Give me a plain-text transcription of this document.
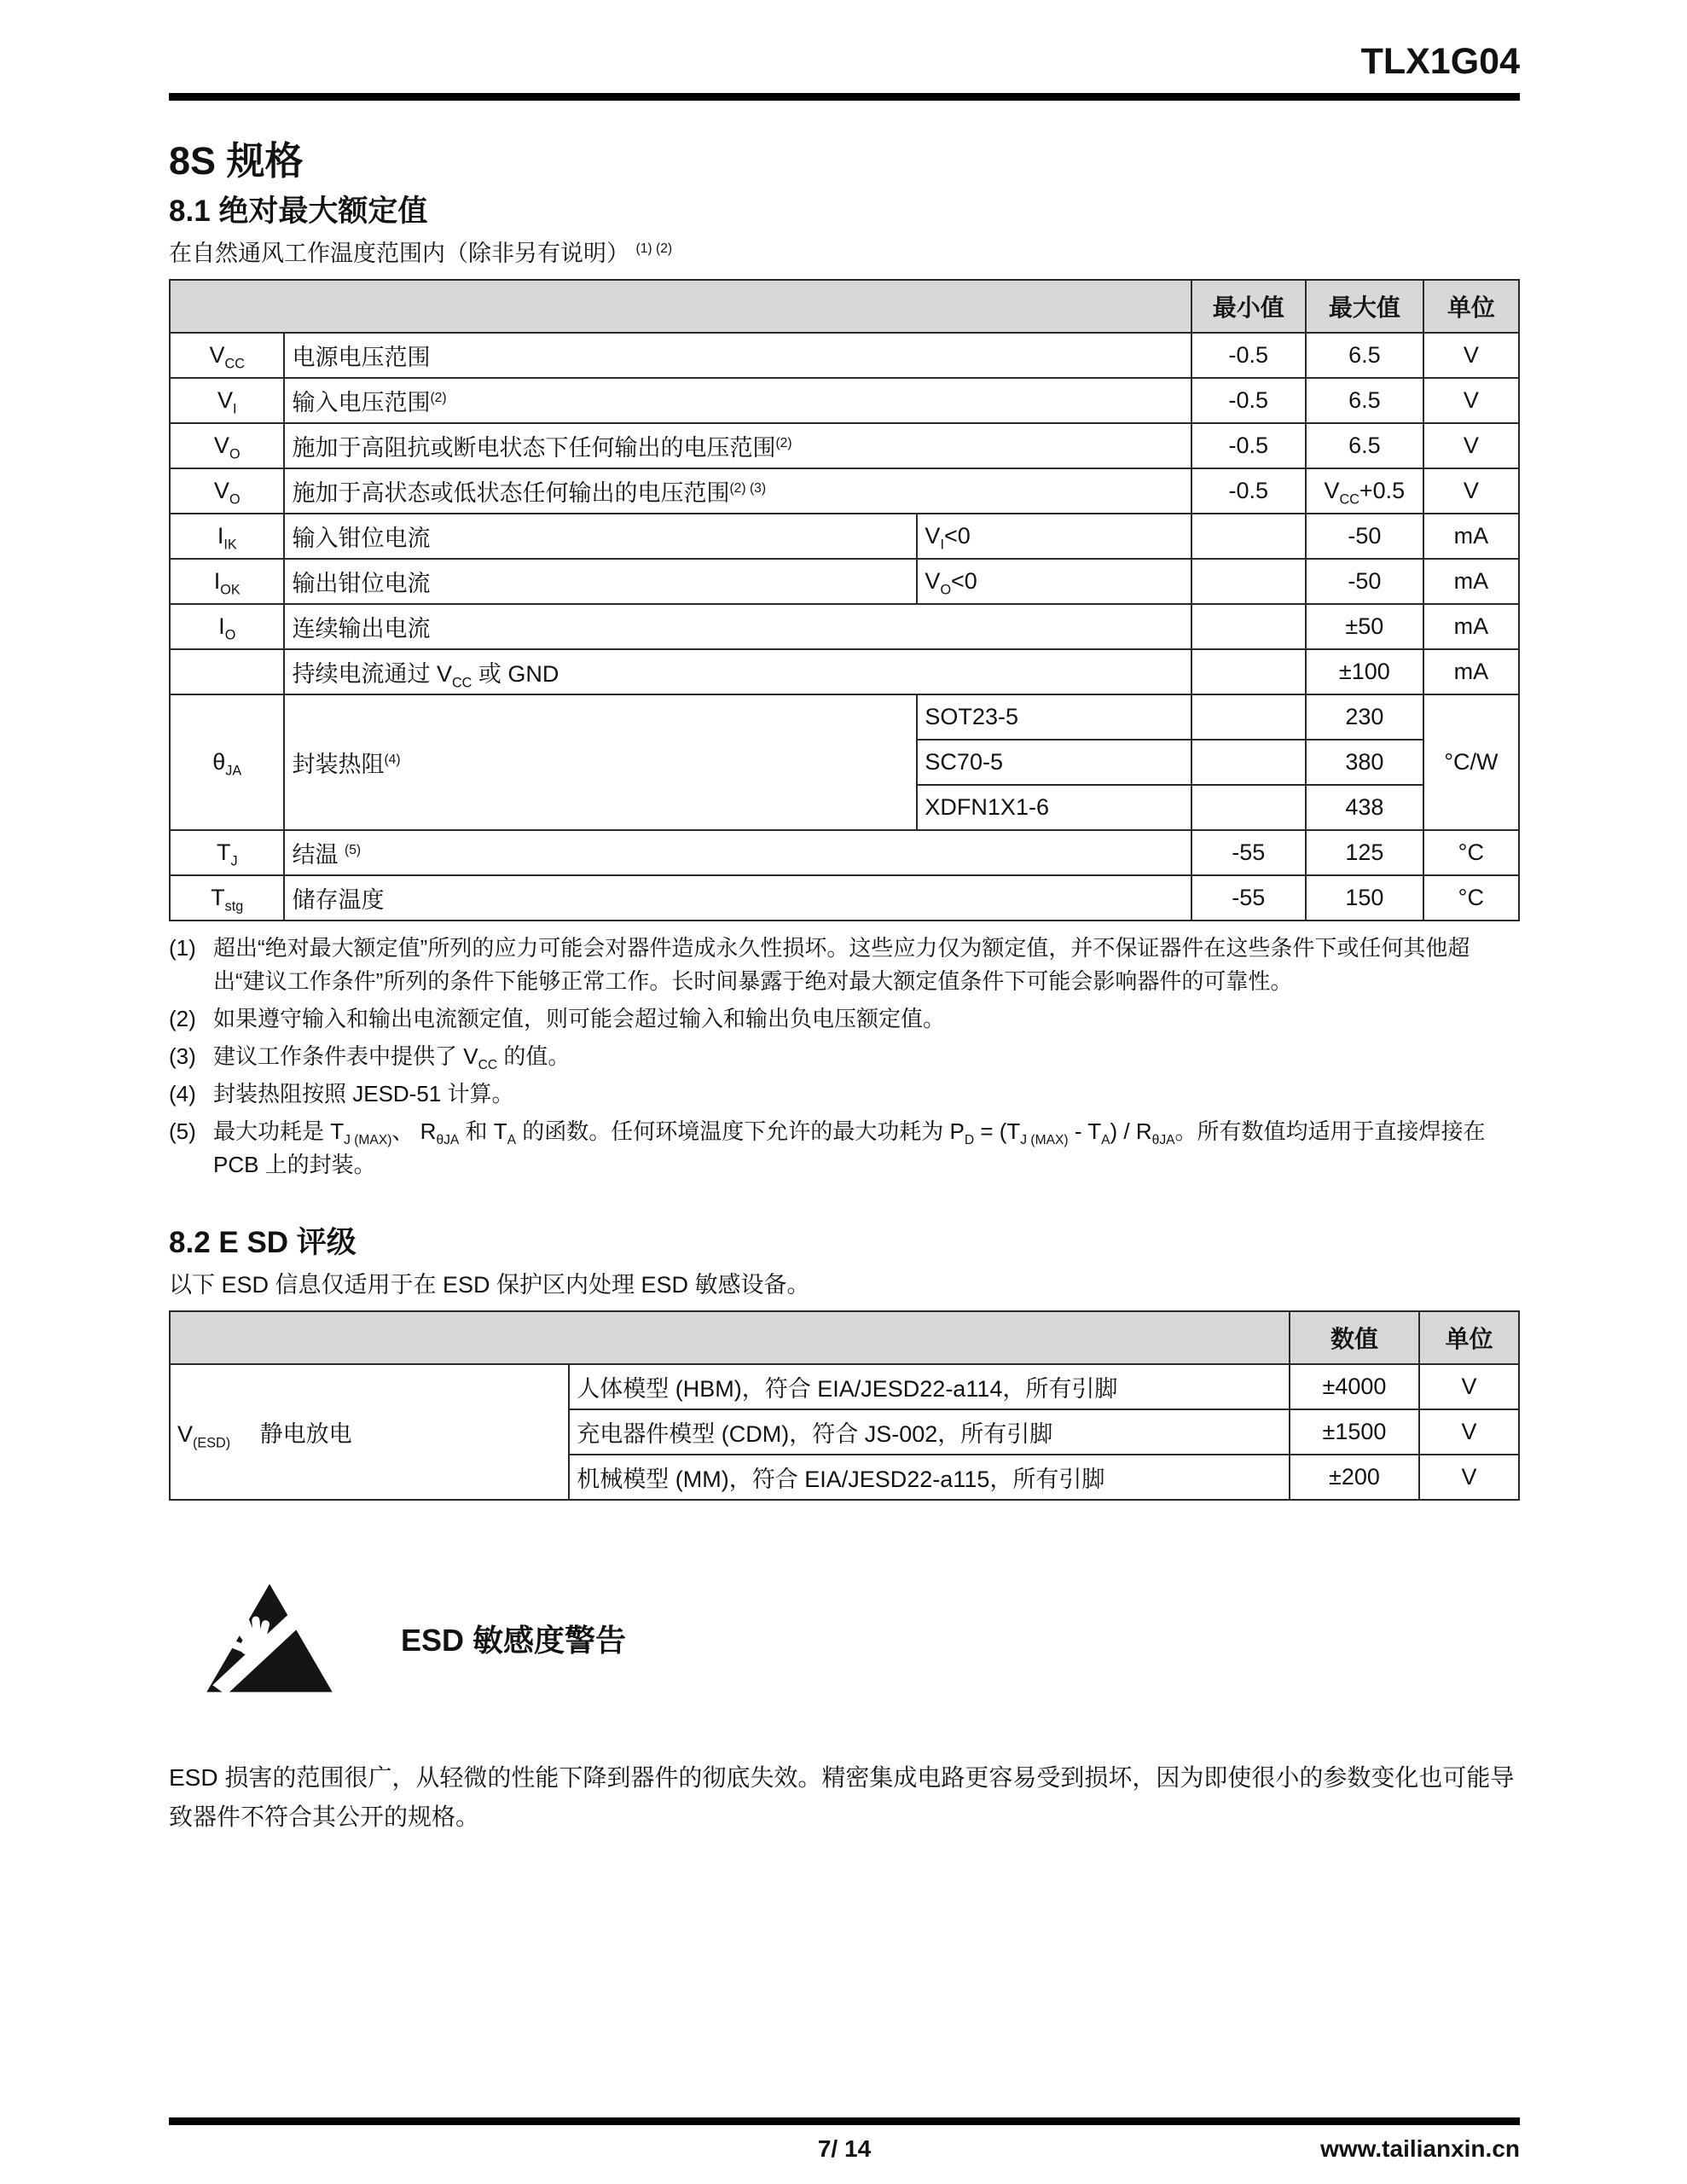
TLX1G04
8S 规格
8.1 绝对最大额定值
在自然通风工作温度范围内（除非另有说明） $^{(1) (2)}$
			最小值	最大值	单位
$V_{CC}$	电源电压范围		-0.5	6.5	V
$V_I$	输入电压范围$^{(2)}$		-0.5	6.5	V
$V_O$	施加于高阻抗或断电状态下任何输出的电压范围$^{(2)}$		-0.5	6.5	V
$V_O$	施加于高状态或低状态任何输出的电压范围$^{(2) (3)}$		-0.5	$V_{CC}+0.5$	V
$I_{IK}$	输入钳位电流	$V_I<0$		-50	mA
$I_{OK}$	输出钳位电流	$V_O<0$		-50	mA
$I_O$	连续输出电流			±50	mA
	持续电流通过 $V_{CC}$ 或 GND			±100	mA
$\theta_{JA}$	封装热阻$^{(4)}$	SOT23-5		230	°C/W
		SC70-5		380	
		XDFN1X1-6		438	
$T_J$	结温 $^{(5)}$		-55	125	°C
$T_{stg}$	储存温度		-55	150	°C
(1) 超出“绝对最大额定值”所列的应力可能会对器件造成永久性损坏。这些应力仅为额定值，并不保证器件在这些条件下或任何其他超出“建议工作条件”所列的条件下能够正常工作。长时间暴露于绝对最大额定值条件下可能会影响器件的可靠性。
(2) 如果遵守输入和输出电流额定值，则可能会超过输入和输出负电压额定值。
(3) 建议工作条件表中提供了 $V_{CC}$ 的值。
(4) 封装热阻按照 JESD-51 计算。
(5) 最大功耗是 $T_{J (MAX)}$、 $R_{\theta JA}$ 和 $T_A$ 的函数。任何环境温度下允许的最大功耗为 $P_D = (T_{J (MAX)} - T_A) / R_{\theta JA}$。所有数值均适用于直接焊接在 PCB 上的封装。
8.2 E SD 评级
以下 ESD 信息仅适用于在 ESD 保护区内处理 ESD 敏感设备。
		数值	单位
$V_{(ESD)}$　 静电放电	人体模型 (HBM)，符合 EIA/JESD22-a114，所有引脚	±4000	V
	充电器件模型 (CDM)，符合 JS-002，所有引脚	±1500	V
	机械模型 (MM)，符合 EIA/JESD22-a115，所有引脚	±200	V
ESD 敏感度警告
ESD 损害的范围很广，从轻微的性能下降到器件的彻底失效。精密集成电路更容易受到损坏，因为即使很小的参数变化也可能导致器件不符合其公开的规格。
7/ 14	www.tailianxin.cn
